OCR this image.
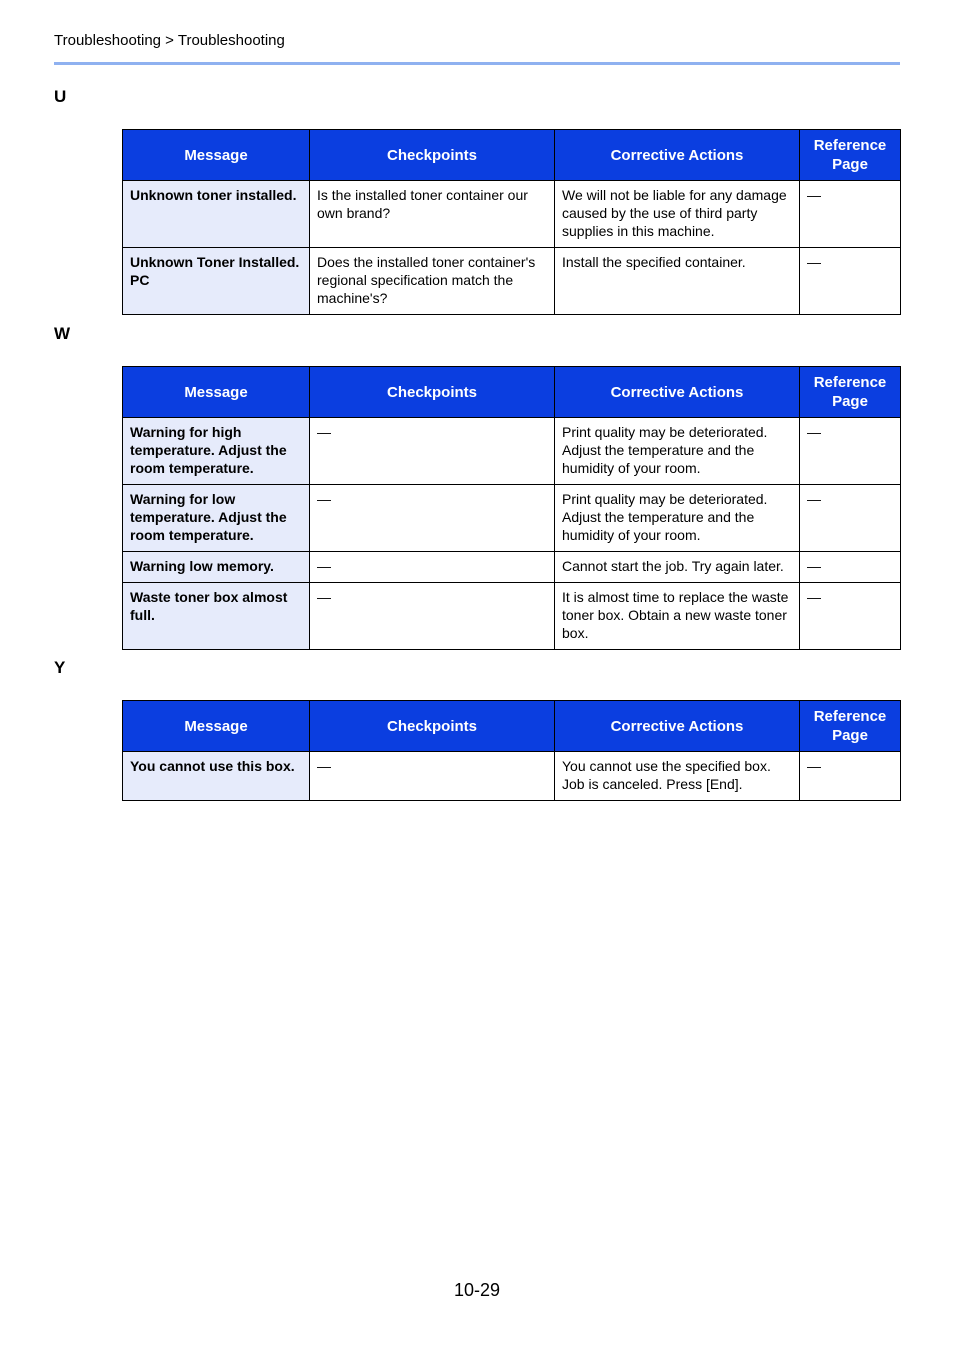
Troubleshooting > Troubleshooting
U
Message	Checkpoints	Corrective Actions	Reference Page
Unknown toner installed.	Is the installed toner container our own brand?	We will not be liable for any damage caused by the use of third party supplies in this machine.	—
Unknown Toner Installed. PC	Does the installed toner container's regional specification match the machine's?	Install the specified container.	—
W
Message	Checkpoints	Corrective Actions	Reference Page
Warning for high temperature. Adjust the room temperature.	—	Print quality may be deteriorated. Adjust the temperature and the humidity of your room.	—
Warning for low temperature. Adjust the room temperature.	—	Print quality may be deteriorated. Adjust the temperature and the humidity of your room.	—
Warning low memory.	—	Cannot start the job. Try again later.	—
Waste toner box almost full.	—	It is almost time to replace the waste toner box. Obtain a new waste toner box.	—
Y
Message	Checkpoints	Corrective Actions	Reference Page
You cannot use this box.	—	You cannot use the specified box. Job is canceled. Press [End].	—
10-29
